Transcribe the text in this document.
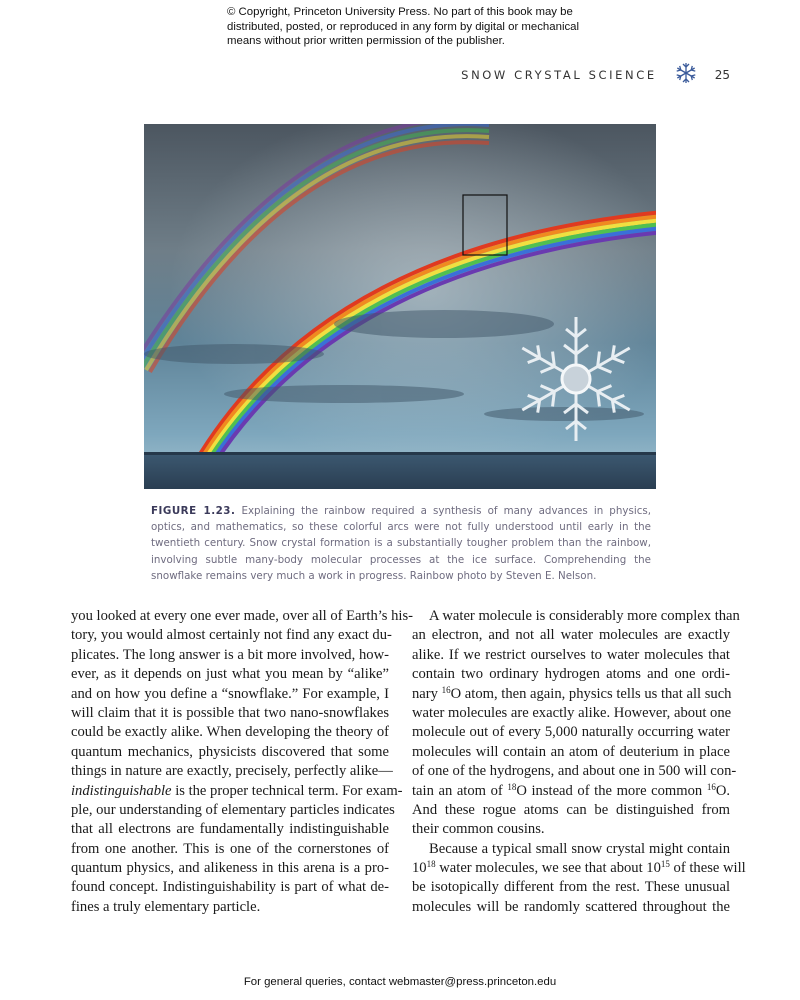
© Copyright, Princeton University Press. No part of this book may be distributed, posted, or reproduced in any form by digital or mechanical means without prior written permission of the publisher.
SNOW CRYSTAL SCIENCE	25
FIGURE 1.23. Explaining the rainbow required a synthesis of many advances in physics, optics, and mathematics, so these colorful arcs were not fully understood until early in the twentieth century. Snow crystal formation is a substantially tougher problem than the rainbow, involving subtle many-body molecular processes at the ice surface. Comprehending the snowflake remains very much a work in progress. Rainbow photo by Steven E. Nelson.
you looked at every one ever made, over all of Earth’s his-
tory, you would almost certainly not find any exact du-
plicates. The long answer is a bit more involved, how-
ever, as it depends on just what you mean by “alike”
and on how you define a “snowflake.” For example, I
will claim that it is possible that two nano-snowflakes
could be exactly alike. When developing the theory of
quantum mechanics, physicists discovered that some
things in nature are exactly, precisely, perfectly alike—
indistinguishable is the proper technical term. For exam-
ple, our understanding of elementary particles indicates
that all electrons are fundamentally indistinguishable
from one another. This is one of the cornerstones of
quantum physics, and alikeness in this arena is a pro-
found concept. Indistinguishability is part of what de-
fines a truly elementary particle.
A water molecule is considerably more complex than
an electron, and not all water molecules are exactly
alike. If we restrict ourselves to water molecules that
contain two ordinary hydrogen atoms and one ordi-
nary $^{16}$O atom, then again, physics tells us that all such
water molecules are exactly alike. However, about one
molecule out of every 5,000 naturally occurring water
molecules will contain an atom of deuterium in place
of one of the hydrogens, and about one in 500 will con-
tain an atom of $^{18}$O instead of the more common $^{16}$O.
And these rogue atoms can be distinguished from
their common cousins.
Because a typical small snow crystal might contain
$10^{18}$ water molecules, we see that about $10^{15}$ of these will
be isotopically different from the rest. These unusual
molecules will be randomly scattered throughout the
For general queries, contact webmaster@press.princeton.edu
